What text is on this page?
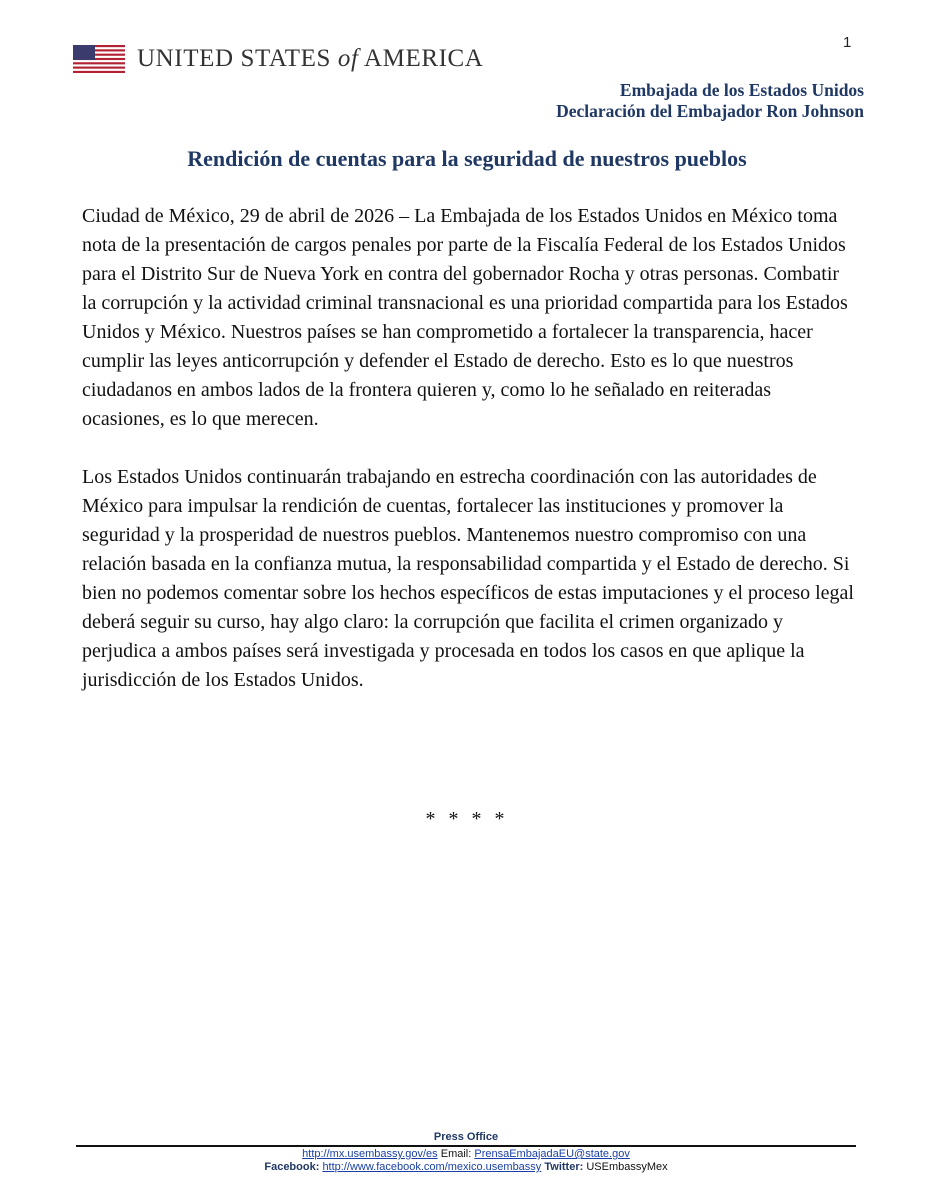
1
UNITED STATES of AMERICA
Embajada de los Estados Unidos
Declaración del Embajador Ron Johnson
Rendición de cuentas para la seguridad de nuestros pueblos

Ciudad de México, 29 de abril de 2026 – La Embajada de los Estados Unidos en México toma nota de la presentación de cargos penales por parte de la Fiscalía Federal de los Estados Unidos para el Distrito Sur de Nueva York en contra del gobernador Rocha y otras personas. Combatir la corrupción y la actividad criminal transnacional es una prioridad compartida para los Estados Unidos y México. Nuestros países se han comprometido a fortalecer la transparencia, hacer cumplir las leyes anticorrupción y defender el Estado de derecho. Esto es lo que nuestros ciudadanos en ambos lados de la frontera quieren y, como lo he señalado en reiteradas ocasiones, es lo que merecen.

Los Estados Unidos continuarán trabajando en estrecha coordinación con las autoridades de México para impulsar la rendición de cuentas, fortalecer las instituciones y promover la seguridad y la prosperidad de nuestros pueblos. Mantenemos nuestro compromiso con una relación basada en la confianza mutua, la responsabilidad compartida y el Estado de derecho. Si bien no podemos comentar sobre los hechos específicos de estas imputaciones y el proceso legal deberá seguir su curso, hay algo claro: la corrupción que facilita el crimen organizado y perjudica a ambos países será investigada y procesada en todos los casos en que aplique la jurisdicción de los Estados Unidos.

* * * *
Press Office
http://mx.usembassy.gov/es Email: PrensaEmbajadaEU@state.gov
Facebook: http://www.facebook.com/mexico.usembassy Twitter: USEmbassyMex
